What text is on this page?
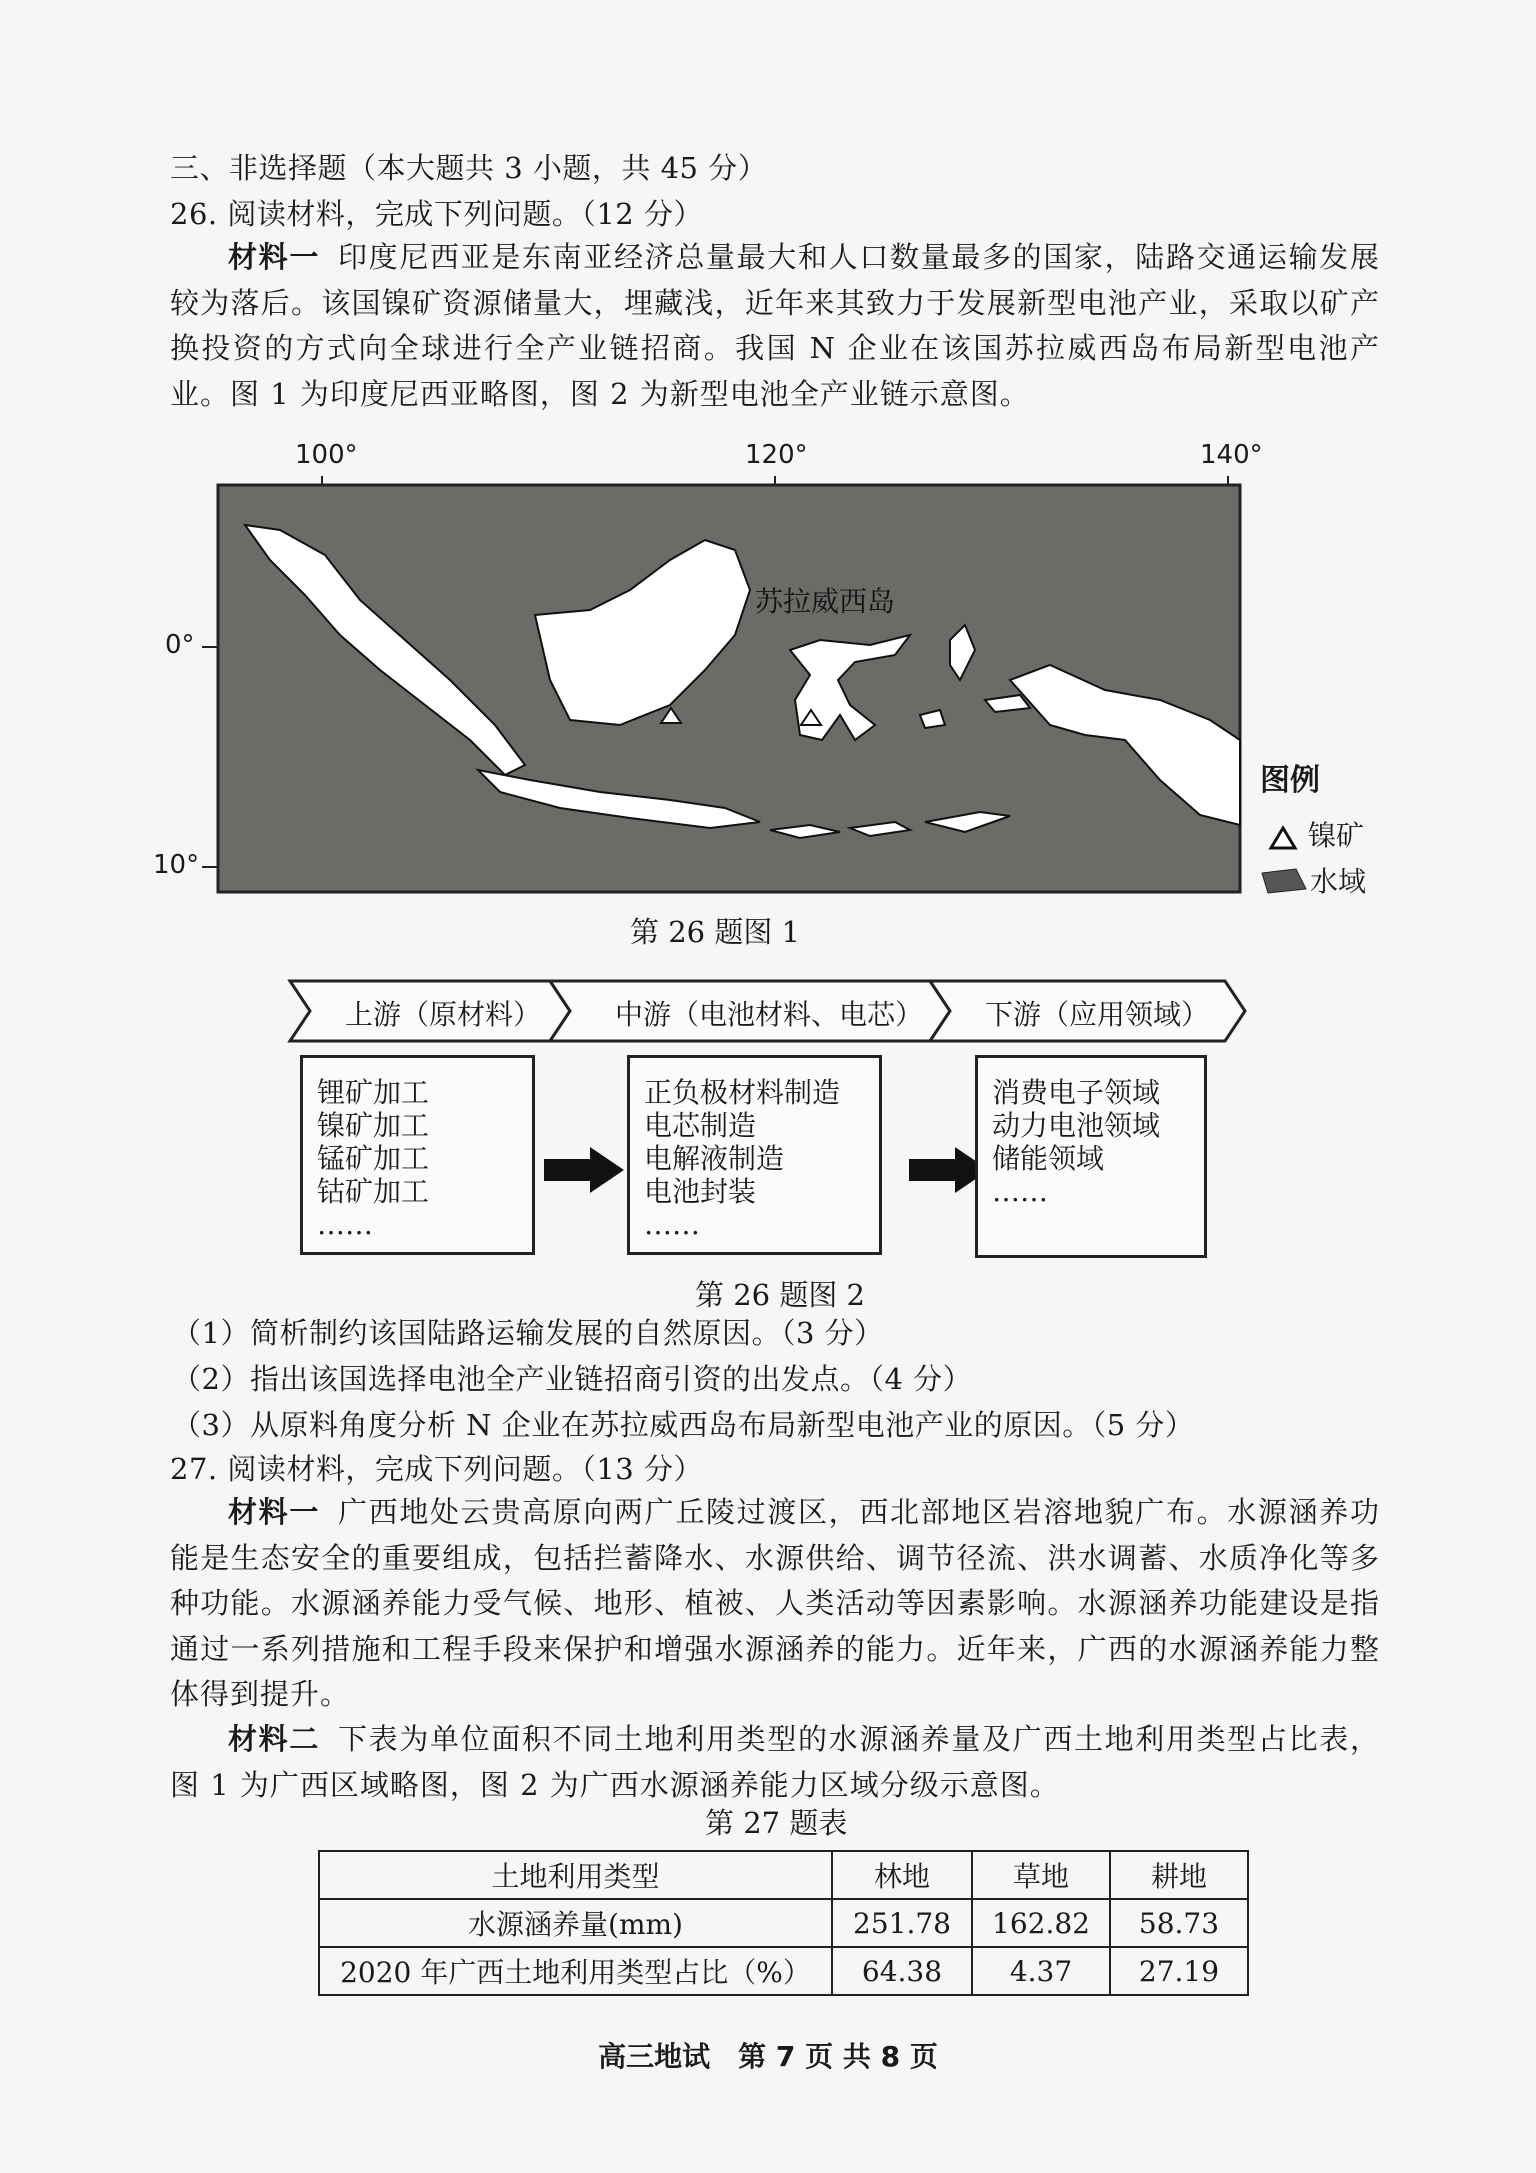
三、非选择题（本大题共 3 小题，共 45 分）
26. 阅读材料，完成下列问题。（12 分）
材料一 印度尼西亚是东南亚经济总量最大和人口数量最多的国家，陆路交通运输发展较为落后。该国镍矿资源储量大，埋藏浅，近年来其致力于发展新型电池产业，采取以矿产换投资的方式向全球进行全产业链招商。我国 N 企业在该国苏拉威西岛布局新型电池产业。图 1 为印度尼西亚略图，图 2 为新型电池全产业链示意图。
100°	120°	140°
0°
10°
苏拉威西岛
图例
镍矿
水域
第 26 题图 1
上游（原材料）	中游（电池材料、电芯） 下游（应用领域）
锂矿加工
镍矿加工
锰矿加工
钴矿加工
……
正负极材料制造
电芯制造
电解液制造
电池封装
……
消费电子领域
动力电池领域
储能领域
……
第 26 题图 2
（1）简析制约该国陆路运输发展的自然原因。（3 分）
（2）指出该国选择电池全产业链招商引资的出发点。（4 分）
（3）从原料角度分析 N 企业在苏拉威西岛布局新型电池产业的原因。（5 分）
27. 阅读材料，完成下列问题。（13 分）
材料一 广西地处云贵高原向两广丘陵过渡区，西北部地区岩溶地貌广布。水源涵养功能是生态安全的重要组成，包括拦蓄降水、水源供给、调节径流、洪水调蓄、水质净化等多种功能。水源涵养能力受气候、地形、植被、人类活动等因素影响。水源涵养功能建设是指通过一系列措施和工程手段来保护和增强水源涵养的能力。近年来，广西的水源涵养能力整体得到提升。
材料二 下表为单位面积不同土地利用类型的水源涵养量及广西土地利用类型占比表，图 1 为广西区域略图，图 2 为广西水源涵养能力区域分级示意图。
第 27 题表
土地利用类型	林地	草地	耕地
水源涵养量(mm)	251.78	162.82	58.73
2020 年广西土地利用类型占比（%）	64.38	4.37	27.19
高三地试　第 7 页 共 8 页
